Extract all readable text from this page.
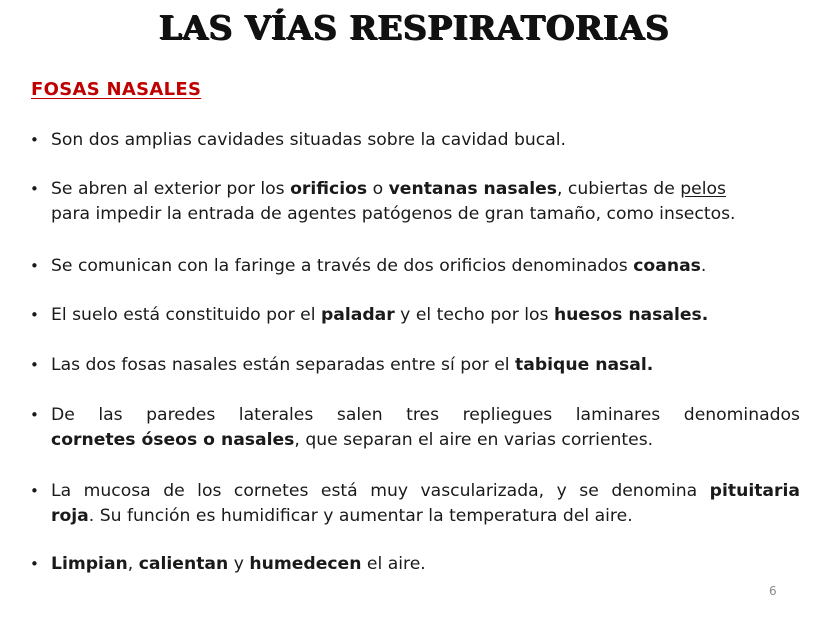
LAS VÍAS RESPIRATORIAS
FOSAS NASALES
• Son dos amplias cavidades situadas sobre la cavidad bucal.
• Se abren al exterior por los orificios o ventanas nasales, cubiertas de pelos
para impedir la entrada de agentes patógenos de gran tamaño, como insectos.
• Se comunican con la faringe a través de dos orificios denominados coanas.
• El suelo está constituido por el paladar y el techo por los huesos nasales.
• Las dos fosas nasales están separadas entre sí por el tabique nasal.
• De las paredes laterales salen tres repliegues laminares denominados
cornetes óseos o nasales, que separan el aire en varias corrientes.
• La mucosa de los cornetes está muy vascularizada, y se denomina pituitaria
roja. Su función es humidificar y aumentar la temperatura del aire.
• Limpian, calientan y humedecen el aire.
6
